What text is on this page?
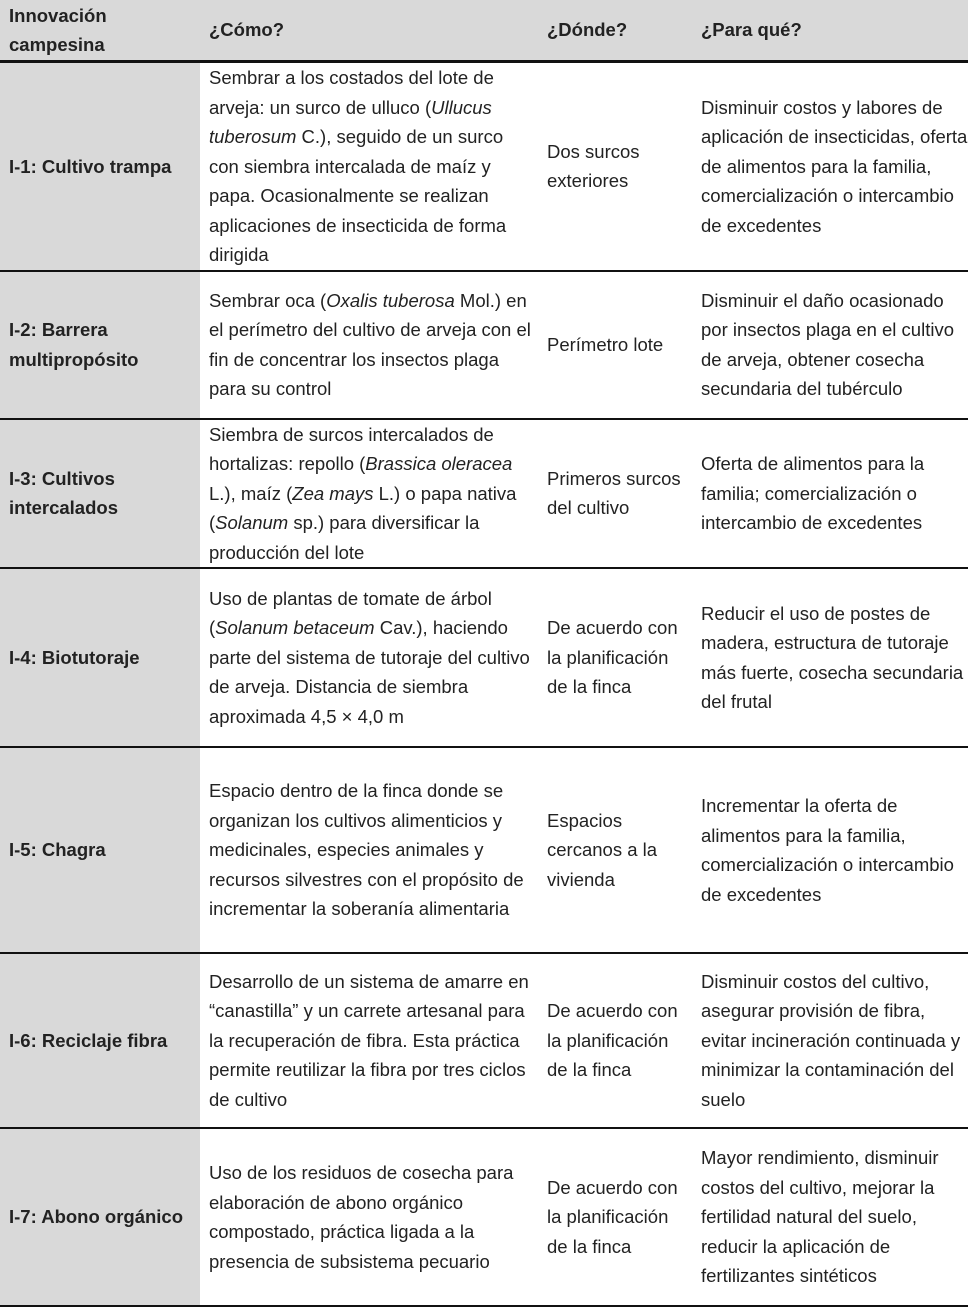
Innovación campesina	¿Cómo?	¿Dónde?	¿Para qué?
I-1: Cultivo trampa	Sembrar a los costados del lote de arveja: un surco de ulluco (Ullucus tuberosum C.), seguido de un surco con siembra intercalada de maíz y papa. Ocasionalmente se realizan aplicaciones de insecticida de forma dirigida	Dos surcos exteriores	Disminuir costos y labores de aplicación de insecticidas, oferta de alimentos para la familia, comercialización o intercambio de excedentes
I-2: Barrera multipropósito	Sembrar oca (Oxalis tuberosa Mol.) en el perímetro del cultivo de arveja con el fin de concentrar los insectos plaga para su control	Perímetro lote	Disminuir el daño ocasionado por insectos plaga en el cultivo de arveja, obtener cosecha secundaria del tubérculo
I-3: Cultivos intercalados	Siembra de surcos intercalados de hortalizas: repollo (Brassica oleracea L.), maíz (Zea mays L.) o papa nativa (Solanum sp.) para diversificar la producción del lote	Primeros surcos del cultivo	Oferta de alimentos para la familia; comercialización o intercambio de excedentes
I-4: Biotutoraje	Uso de plantas de tomate de árbol (Solanum betaceum Cav.), haciendo parte del sistema de tutoraje del cultivo de arveja. Distancia de siembra aproximada 4,5 × 4,0 m	De acuerdo con la planificación de la finca	Reducir el uso de postes de madera, estructura de tutoraje más fuerte, cosecha secundaria del frutal
I-5: Chagra	Espacio dentro de la finca donde se organizan los cultivos alimenticios y medicinales, especies animales y recursos silvestres con el propósito de incrementar la soberanía alimentaria	Espacios cercanos a la vivienda	Incrementar la oferta de alimentos para la familia, comercialización o intercambio de excedentes
I-6: Reciclaje fibra	Desarrollo de un sistema de amarre en “canastilla” y un carrete artesanal para la recuperación de fibra. Esta práctica permite reutilizar la fibra por tres ciclos de cultivo	De acuerdo con la planificación de la finca	Disminuir costos del cultivo, asegurar provisión de fibra, evitar incineración continuada y minimizar la contaminación del suelo
I-7: Abono orgánico	Uso de los residuos de cosecha para elaboración de abono orgánico compostado, práctica ligada a la presencia de subsistema pecuario	De acuerdo con la planificación de la finca	Mayor rendimiento, disminuir costos del cultivo, mejorar la fertilidad natural del suelo, reducir la aplicación de fertilizantes sintéticos
